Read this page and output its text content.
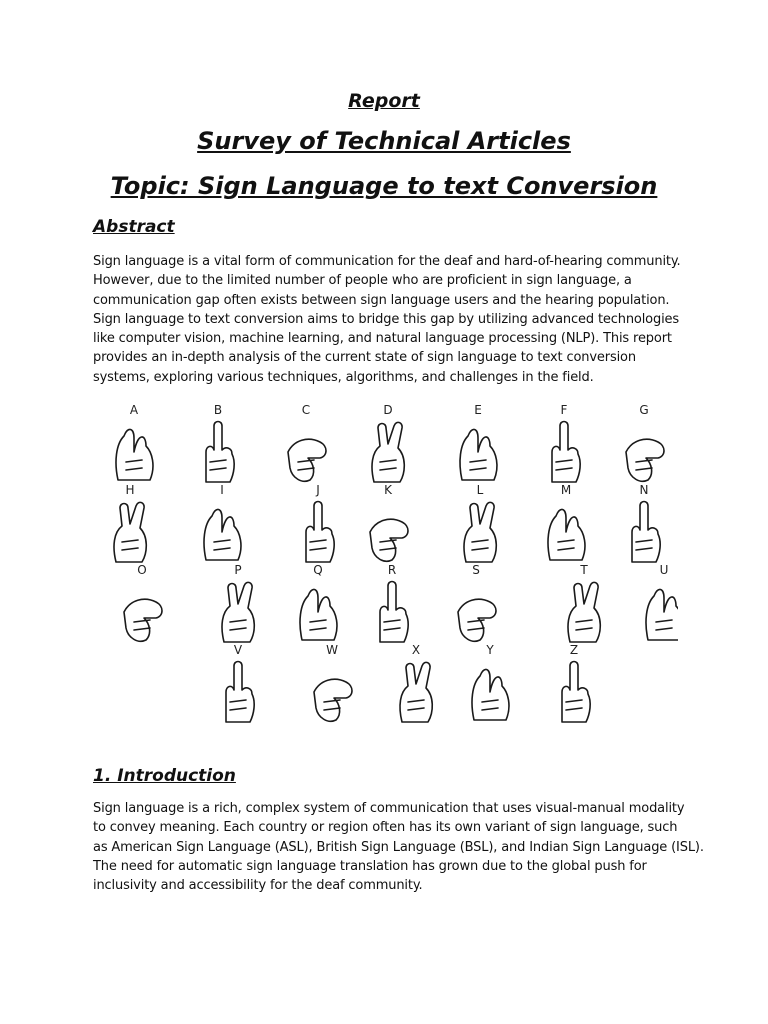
Report
Survey of Technical Articles
Topic: Sign Language to text Conversion
Abstract

Sign language is a vital form of communication for the deaf and hard-of-hearing community.
However, due to the limited number of people who are proficient in sign language, a
communication gap often exists between sign language users and the hearing population.
Sign language to text conversion aims to bridge this gap by utilizing advanced technologies
like computer vision, machine learning, and natural language processing (NLP). This report
provides an in-depth analysis of the current state of sign language to text conversion
systems, exploring various techniques, algorithms, and challenges in the field.

A	B	C	D	E	F	G
H	I	J	K	L	M	N
O	P	Q	R	S	T	U
V	W	X	Y	Z
1. Introduction

Sign language is a rich, complex system of communication that uses visual-manual modality
to convey meaning. Each country or region often has its own variant of sign language, such
as American Sign Language (ASL), British Sign Language (BSL), and Indian Sign Language (ISL).
The need for automatic sign language translation has grown due to the global push for
inclusivity and accessibility for the deaf community.
